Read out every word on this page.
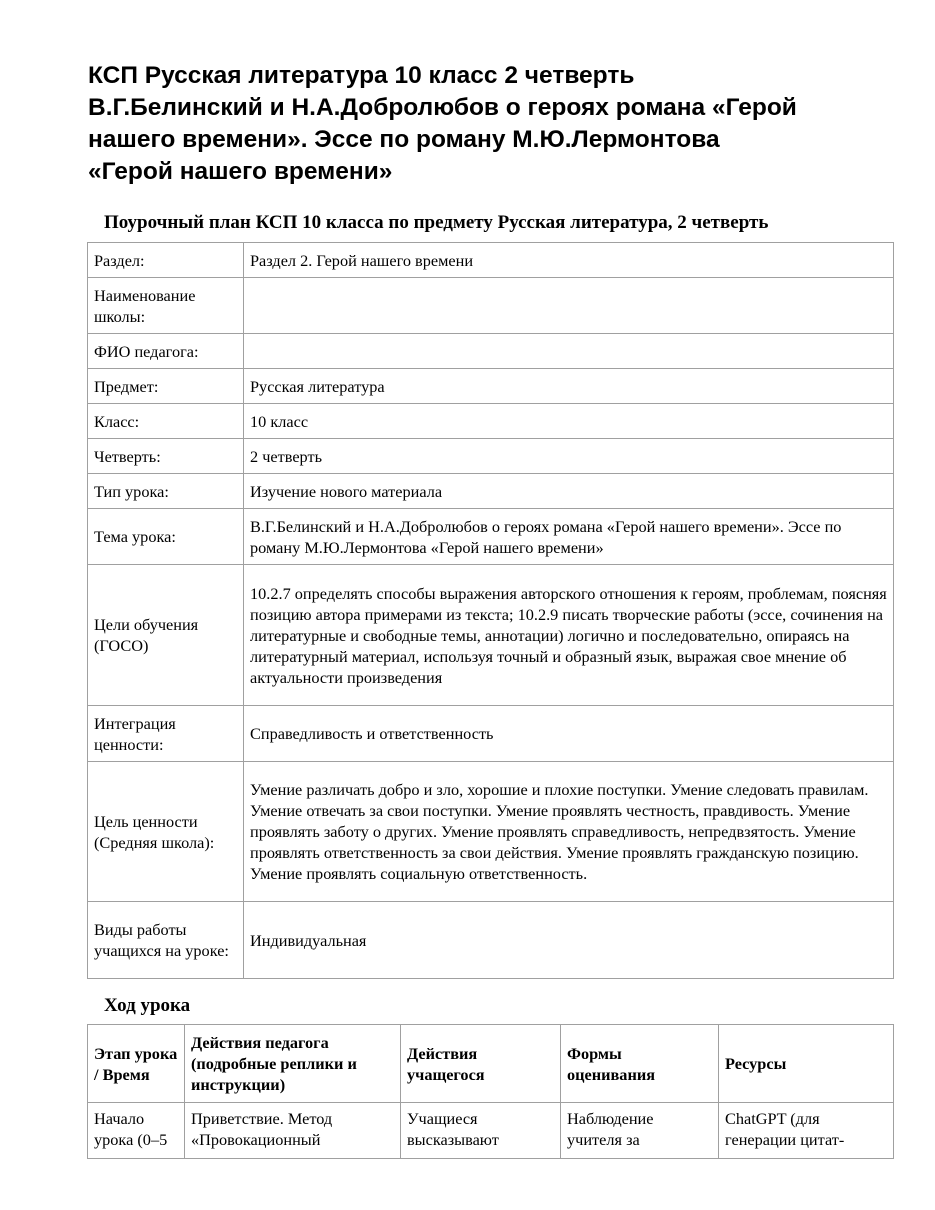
КСП Русская литература 10 класс 2 четверть
В.Г.Белинский и Н.А.Добролюбов о героях романа «Герой
нашего времени». Эссе по роману М.Ю.Лермонтова
«Герой нашего времени»
Поурочный план КСП 10 класса по предмету Русская литература, 2 четверть
Раздел:	Раздел 2. Герой нашего времени
Наименование школы:	
ФИО педагога:	
Предмет:	Русская литература
Класс:	10 класс
Четверть:	2 четверть
Тип урока:	Изучение нового материала
Тема урока:	В.Г.Белинский и Н.А.Добролюбов о героях романа «Герой нашего времени». Эссе по роману М.Ю.Лермонтова «Герой нашего времени»
Цели обучения (ГОСО)	10.2.7 определять способы выражения авторского отношения к героям, проблемам, поясняя позицию автора примерами из текста; 10.2.9 писать творческие работы (эссе, сочинения на литературные и свободные темы, аннотации) логично и последовательно, опираясь на литературный материал, используя точный и образный язык, выражая свое мнение об актуальности произведения
Интеграция ценности:	Справедливость и ответственность
Цель ценности (Средняя школа):	Умение различать добро и зло, хорошие и плохие поступки. Умение следовать правилам. Умение отвечать за свои поступки. Умение проявлять честность, правдивость. Умение проявлять заботу о других. Умение проявлять справедливость, непредвзятость. Умение проявлять ответственность за свои действия. Умение проявлять гражданскую позицию. Умение проявлять социальную ответственность.
Виды работы учащихся на уроке:	Индивидуальная
Ход урока
Этап урока / Время	Действия педагога (подробные реплики и инструкции)	Действия учащегося	Формы оценивания	Ресурсы
Начало урока (0–5	Приветствие. Метод «Провокационный	Учащиеся высказывают	Наблюдение учителя за	ChatGPT (для генерации цитат-
